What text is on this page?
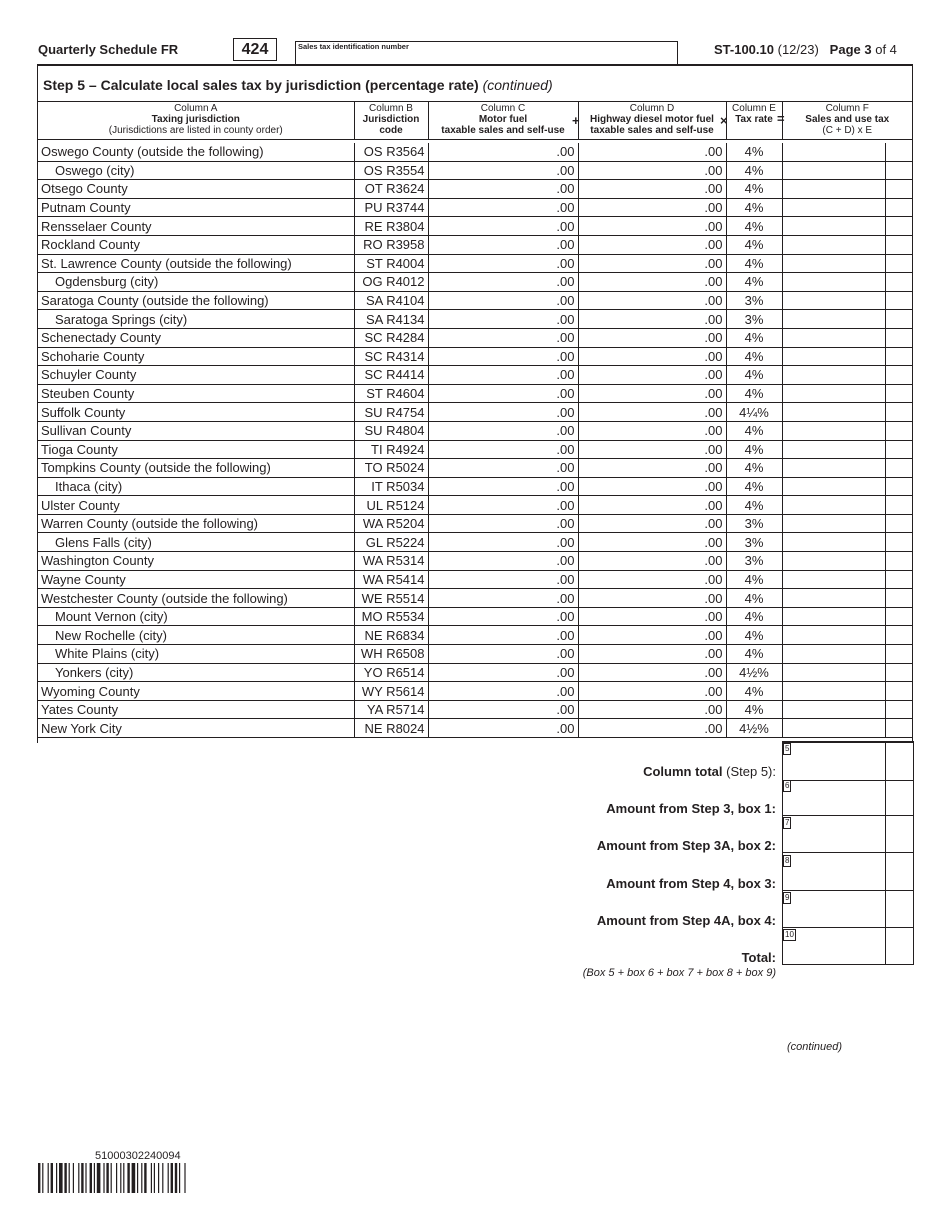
Quarterly Schedule FR	424	Sales tax identification number	ST-100.10 (12/23) Page 3 of 4
Step 5 – Calculate local sales tax by jurisdiction (percentage rate) (continued)
Column A
Taxing jurisdiction
(Jurisdictions are listed in county order)

Column B
Jurisdiction
code

Column C
Motor fuel
taxable sales and self-use

Column D
Highway diesel motor fuel
taxable sales and self-use

Column E
Tax rate

Column F
Sales and use tax
(C + D) x E
+	×	=
Oswego County (outside the following)	OS R3564	.00	.00	4%		
Oswego (city)	OS R3554	.00	.00	4%		
Otsego County	OT R3624	.00	.00	4%		
Putnam County	PU R3744	.00	.00	4%		
Rensselaer County	RE R3804	.00	.00	4%		
Rockland County	RO R3958	.00	.00	4%		
St. Lawrence County (outside the following)	ST R4004	.00	.00	4%		
Ogdensburg (city)	OG R4012	.00	.00	4%		
Saratoga County (outside the following)	SA R4104	.00	.00	3%		
Saratoga Springs (city)	SA R4134	.00	.00	3%		
Schenectady County	SC R4284	.00	.00	4%		
Schoharie County	SC R4314	.00	.00	4%		
Schuyler County	SC R4414	.00	.00	4%		
Steuben County	ST R4604	.00	.00	4%		
Suffolk County	SU R4754	.00	.00	4¼%		
Sullivan County	SU R4804	.00	.00	4%		
Tioga County	TI R4924	.00	.00	4%		
Tompkins County (outside the following)	TO R5024	.00	.00	4%		
Ithaca (city)	IT R5034	.00	.00	4%		
Ulster County	UL R5124	.00	.00	4%		
Warren County (outside the following)	WA R5204	.00	.00	3%		
Glens Falls (city)	GL R5224	.00	.00	3%		
Washington County	WA R5314	.00	.00	3%		
Wayne County	WA R5414	.00	.00	4%		
Westchester County (outside the following)	WE R5514	.00	.00	4%		
Mount Vernon (city)	MO R5534	.00	.00	4%		
New Rochelle (city)	NE R6834	.00	.00	4%		
White Plains (city)	WH R6508	.00	.00	4%		
Yonkers (city)	YO R6514	.00	.00	4½%		
Wyoming County	WY R5614	.00	.00	4%		
Yates County	YA R5714	.00	.00	4%		
New York City	NE R8024	.00	.00	4½%		
5
Column total (Step 5):
6
Amount from Step 3, box 1:
7
Amount from Step 3A, box 2:
8
Amount from Step 4, box 3:
9
Amount from Step 4A, box 4:
10
Total:
(Box 5 + box 6 + box 7 + box 8 + box 9)
(continued)
51000302240094
